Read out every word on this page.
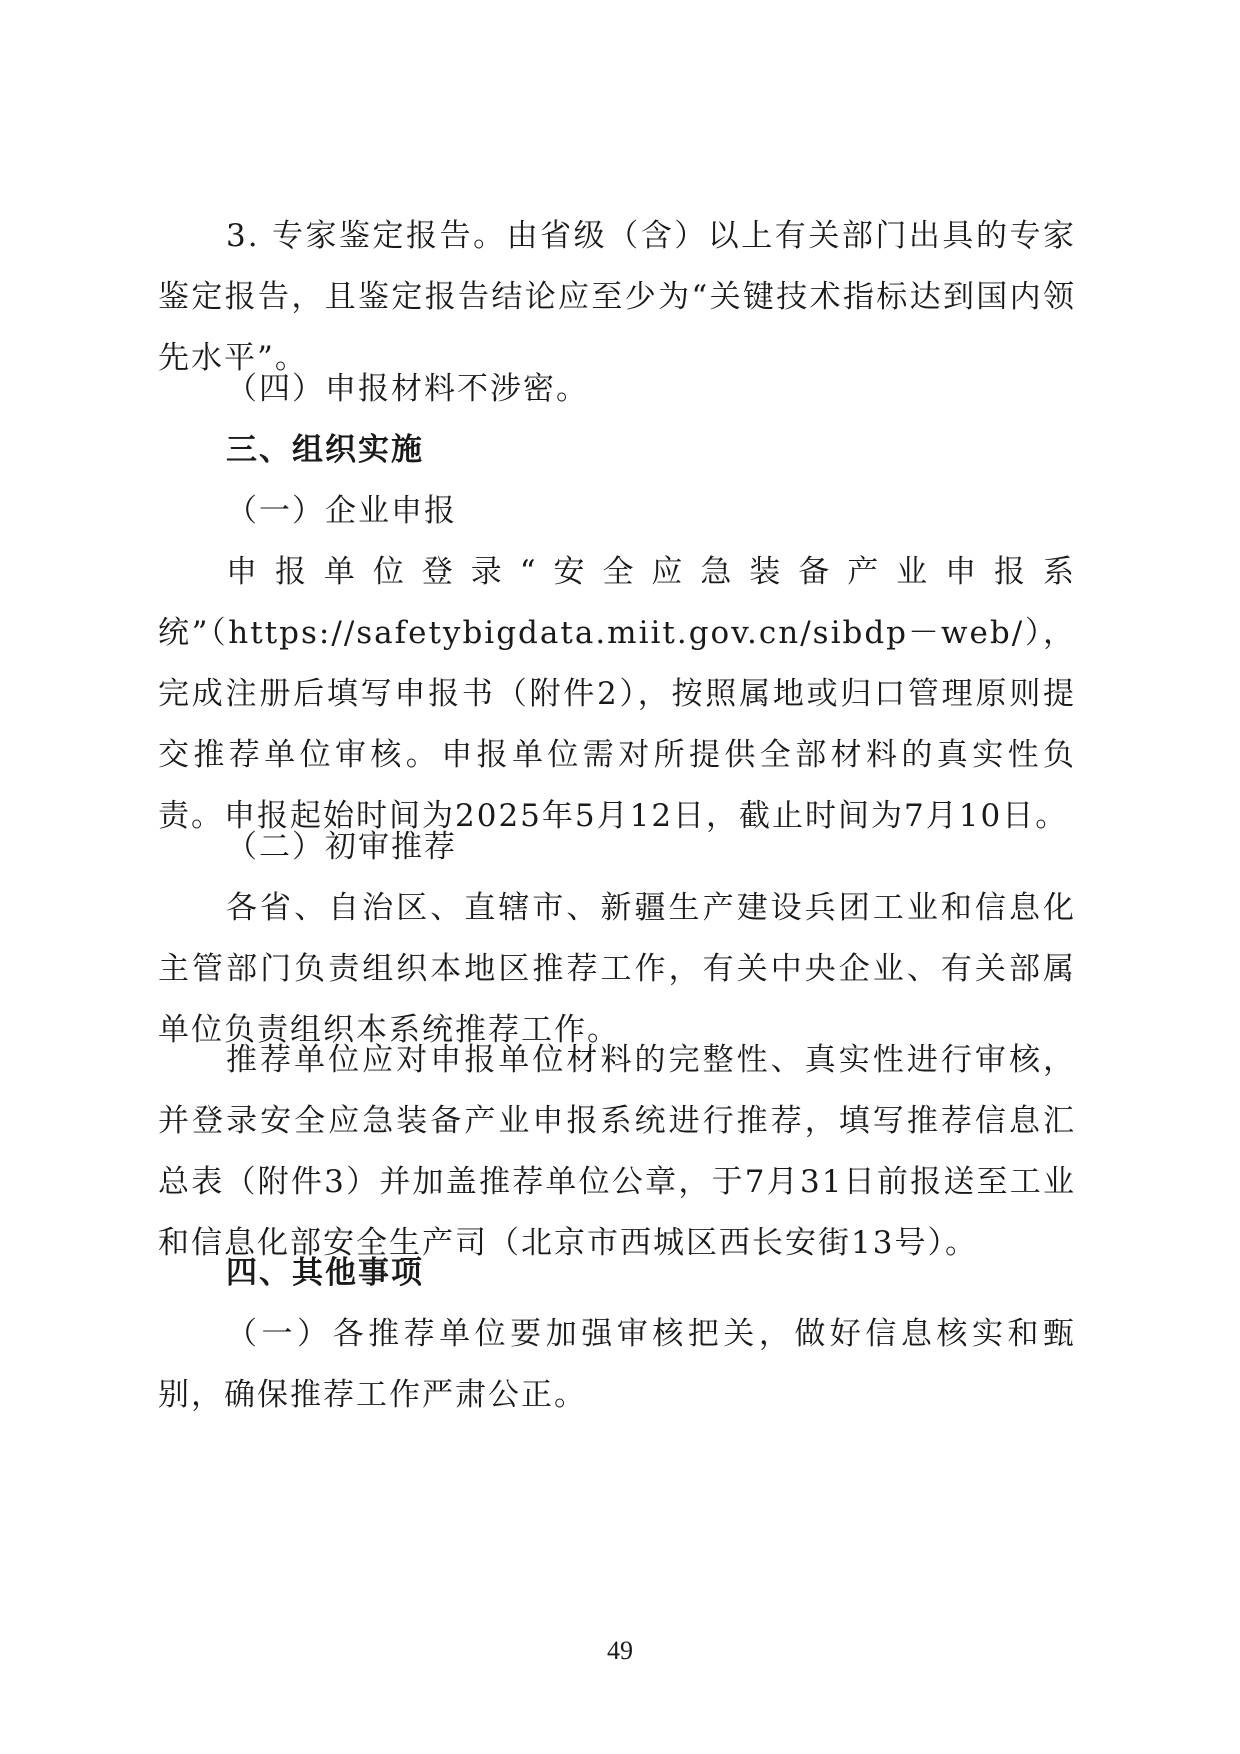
3. 专家鉴定报告。由省级（含）以上有关部门出具的专家鉴定报告，且鉴定报告结论应至少为“关键技术指标达到国内领先水平”。

（四）申报材料不涉密。

三、组织实施

（一）企业申报

申报单位登录“安全应急装备产业申报系统”（https://safetybigdata.miit.gov.cn/sibdp－web/），完成注册后填写申报书（附件2），按照属地或归口管理原则提交推荐单位审核。申报单位需对所提供全部材料的真实性负责。申报起始时间为2025年5月12日，截止时间为7月10日。

（二）初审推荐

各省、自治区、直辖市、新疆生产建设兵团工业和信息化主管部门负责组织本地区推荐工作，有关中央企业、有关部属单位负责组织本系统推荐工作。

推荐单位应对申报单位材料的完整性、真实性进行审核，并登录安全应急装备产业申报系统进行推荐，填写推荐信息汇总表（附件3）并加盖推荐单位公章，于7月31日前报送至工业和信息化部安全生产司（北京市西城区西长安街13号）。

四、其他事项

（一）各推荐单位要加强审核把关，做好信息核实和甄别，确保推荐工作严肃公正。

49
